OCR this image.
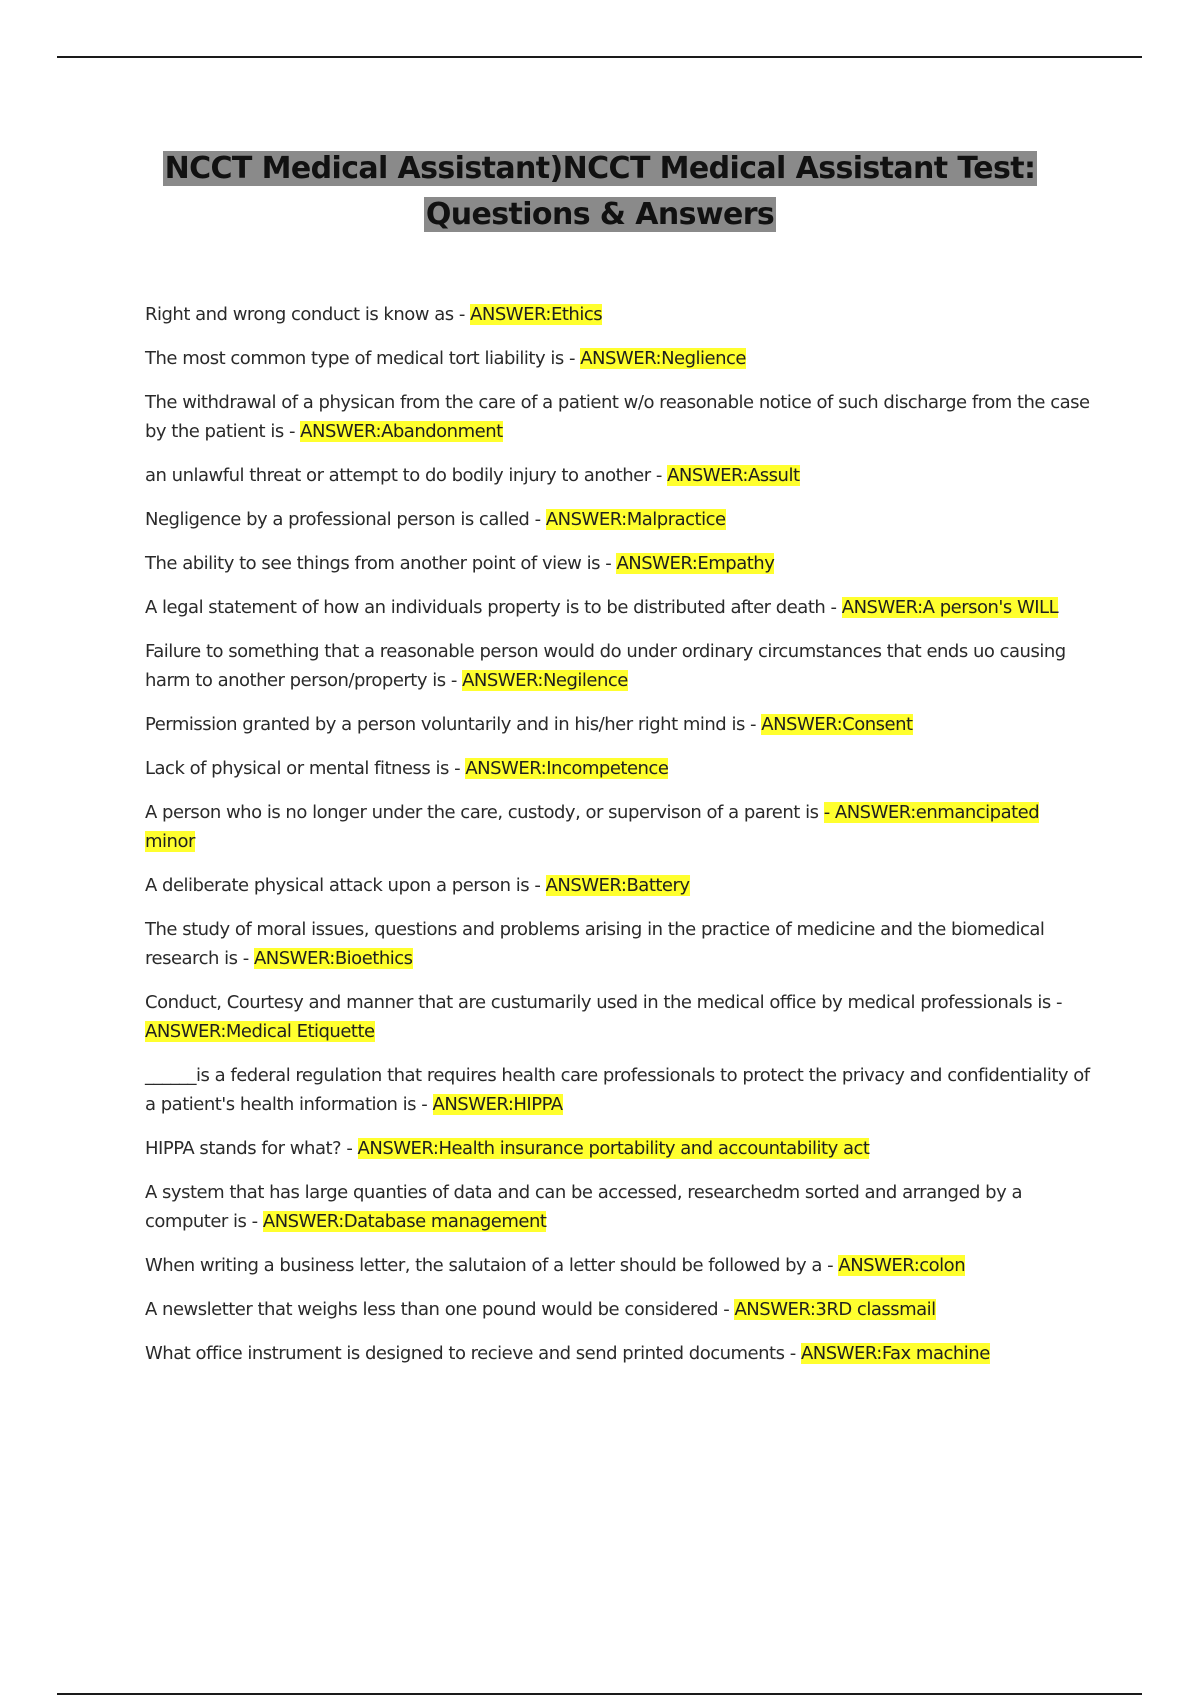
NCCT Medical Assistant)NCCT Medical Assistant Test:
Questions & Answers
Right and wrong conduct is know as - ANSWER:Ethics
The most common type of medical tort liability is - ANSWER:Neglience
The withdrawal of a physican from the care of a patient w/o reasonable notice of such discharge from the case by the patient is - ANSWER:Abandonment
an unlawful threat or attempt to do bodily injury to another - ANSWER:Assult
Negligence by a professional person is called - ANSWER:Malpractice
The ability to see things from another point of view is - ANSWER:Empathy
A legal statement of how an individuals property is to be distributed after death - ANSWER:A person's WILL
Failure to something that a reasonable person would do under ordinary circumstances that ends uo causing harm to another person/property is - ANSWER:Negilence
Permission granted by a person voluntarily and in his/her right mind is - ANSWER:Consent
Lack of physical or mental fitness is - ANSWER:Incompetence
A person who is no longer under the care, custody, or supervison of a parent is - ANSWER:enmancipated minor
A deliberate physical attack upon a person is - ANSWER:Battery
The study of moral issues, questions and problems arising in the practice of medicine and the biomedical research is - ANSWER:Bioethics
Conduct, Courtesy and manner that are custumarily used in the medical office by medical professionals is - ANSWER:Medical Etiquette
______is a federal regulation that requires health care professionals to protect the privacy and confidentiality of a patient's health information is - ANSWER:HIPPA
HIPPA stands for what? - ANSWER:Health insurance portability and accountability act
A system that has large quanties of data and can be accessed, researchedm sorted and arranged by a computer is - ANSWER:Database management
When writing a business letter, the salutaion of a letter should be followed by a - ANSWER:colon
A newsletter that weighs less than one pound would be considered - ANSWER:3RD classmail
What office instrument is designed to recieve and send printed documents - ANSWER:Fax machine
